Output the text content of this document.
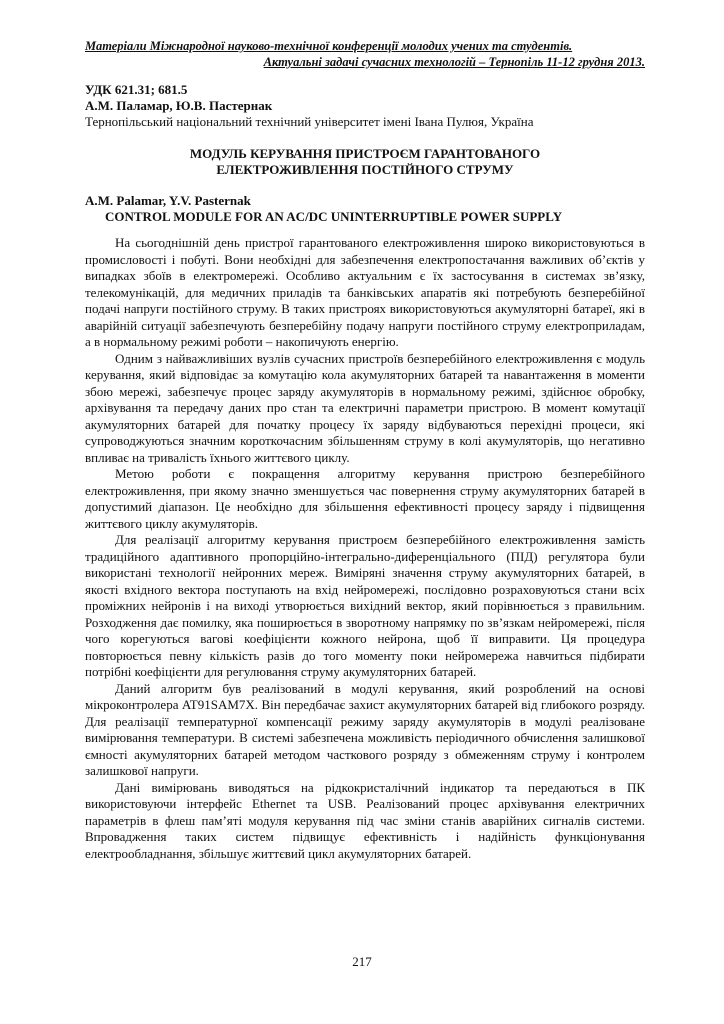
Матеріали Міжнародної науково-технічної конференції молодих учених та студентів.
Актуальні задачі сучасних технологій – Тернопіль 11-12 грудня 2013.
УДК 621.31; 681.5
А.М. Паламар, Ю.В. Пастернак
Тернопільський національний технічний університет імені Івана Пулюя, Україна
МОДУЛЬ КЕРУВАННЯ ПРИСТРОЄМ ГАРАНТОВАНОГО
ЕЛЕКТРОЖИВЛЕННЯ ПОСТІЙНОГО СТРУМУ
A.M. Palamar, Y.V. Pasternak
CONTROL MODULE FOR AN AC/DC UNINTERRUPTIBLE POWER SUPPLY

На сьогоднішній день пристрої гарантованого електроживлення широко використовуються в промисловості і побуті. Вони необхідні для забезпечення електропостачання важливих об’єктів у випадках збоїв в електромережі. Особливо актуальним є їх застосування в системах зв’язку, телекомунікацій, для медичних приладів та банківських апаратів які потребують безперебійної подачі напруги постійного струму. В таких пристроях використовуються акумуляторні батареї, які в аварійній ситуації забезпечують безперебійну подачу напруги постійного струму електроприладам, а в нормальному режимі роботи – накопичують енергію.

Одним з найважливіших вузлів сучасних пристроїв безперебійного електроживлення є модуль керування, який відповідає за комутацію кола акумуляторних батарей та навантаження в моменти збою мережі, забезпечує процес заряду акумуляторів в нормальному режимі, здійснює обробку, архівування та передачу даних про стан та електричні параметри пристрою. В момент комутації акумуляторних батарей для початку процесу їх заряду відбуваються перехідні процеси, які супроводжуються значним короткочасним збільшенням струму в колі акумуляторів, що негативно впливає на тривалість їхнього життєвого циклу.

Метою роботи є покращення алгоритму керування пристрою безперебійного електроживлення, при якому значно зменшується час повернення струму акумуляторних батарей в допустимий діапазон. Це необхідно для збільшення ефективності процесу заряду і підвищення життєвого циклу акумуляторів.

Для реалізації алгоритму керування пристроєм безперебійного електроживлення замість традиційного адаптивного пропорційно-інтегрально-диференціального (ПІД) регулятора були використані технології нейронних мереж. Виміряні значення струму акумуляторних батарей, в якості вхідного вектора поступають на вхід нейромережі, послідовно розраховуються стани всіх проміжних нейронів і на виході утворюється вихідний вектор, який порівнюється з правильним. Розходження дає помилку, яка поширюється в зворотному напрямку по зв’язкам нейромережі, після чого корегуються вагові коефіцієнти кожного нейрона, щоб її виправити. Ця процедура повторюється певну кількість разів до того моменту поки нейромережа навчиться підбирати потрібні коефіцієнти для регулювання струму акумуляторних батарей.

Даний алгоритм був реалізований в модулі керування, який розроблений на основі мікроконтролера AT91SAM7X. Він передбачає захист акумуляторних батарей від глибокого розряду. Для реалізації температурної компенсації режиму заряду акумуляторів в модулі реалізоване вимірювання температури. В системі забезпечена можливість періодичного обчислення залишкової ємності акумуляторних батарей методом часткового розряду з обмеженням струму і контролем залишкової напруги.

Дані вимірювань виводяться на рідкокристалічний індикатор та передаються в ПК використовуючи інтерфейс Ethernet та USB. Реалізований процес архівування електричних параметрів в флеш пам’яті модуля керування під час зміни станів аварійних сигналів системи. Впровадження таких систем підвищує ефективність і надійність функціонування електрообладнання, збільшує життєвий цикл акумуляторних батарей.

217
